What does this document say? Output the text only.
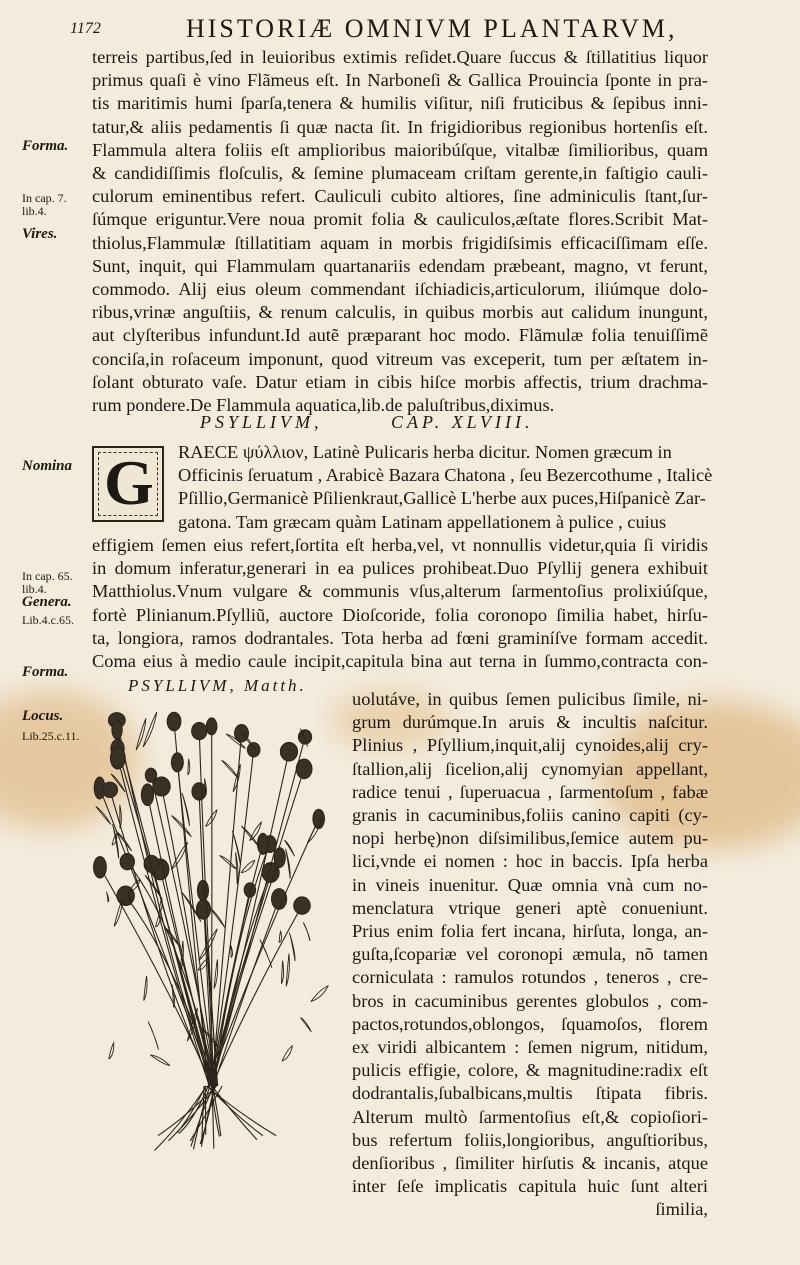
1172	HISTORIÆ OMNIVM PLANTARVM,
terreis partibus,ſed in leuioribus extimis reſidet.Quare ſuccus & ſtillatitius liquor
primus quaſi è vino Flãmeus eſt. In Narboneſi & Gallica Prouincia ſponte in pra-
tis maritimis humi ſparſa,tenera & humilis viſitur, niſi fruticibus & ſepibus inni-
tatur,& aliis pedamentis ſi quæ nacta ſit. In frigidioribus regionibus hortenſis eſt.
Flammula altera foliis eſt amplioribus maioribúſque, vitalbæ ſimilioribus, quam
& candidiſſimis floſculis, & ſemine plumaceam criſtam gerente,in faſtigio cauli-
culorum eminentibus refert. Cauliculi cubito altiores, ſine adminiculis ſtant,ſur-
ſúmque eriguntur.Vere noua promit folia & cauliculos,æſtate flores.Scribit Mat-
thiolus,Flammulæ ſtillatitiam aquam in morbis frigidiſsimis efficaciſſimam eſſe.
Sunt, inquit, qui Flammulam quartanariis edendam præbeant, magno, vt ferunt,
commodo. Alij eius oleum commendant iſchiadicis,articulorum, iliúmque dolo-
ribus,vrinæ anguſtiis, & renum calculis, in quibus morbis aut calidum inungunt,
aut clyſteribus infundunt.Id autẽ præparant hoc modo. Flãmulæ folia tenuiſſimẽ
conciſa,in roſaceum imponunt, quod vitreum vas exceperit, tum per æſtatem in-
ſolant obturato vaſe. Datur etiam in cibis hiſce morbis affectis, trium drachma-
rum pondere.De Flammula aquatica,lib.de paluſtribus,diximus.
Forma.
In cap. 7. lib.4.
Vires.
Nomina
In cap. 65. lib.4.
Genera.
Lib.4.c.65.
Forma.
Locus.
Lib.25.c.11.
PSYLLIVM,	CAP. XLVIII.
G RAECE ψύλλιον, Latinè Pulicaris herba dicitur. Nomen græcum in
Officinis ſeruatum , Arabicè Bazara Chatona , ſeu Bezercothume , Italicè
Pſillio,Germanicè Pſilienkraut,Gallicè L'herbe aux puces,Hiſpanicè Zar-
gatona. Tam græcam quàm Latinam appellationem à pulice , cuius
effigiem ſemen eius refert,ſortita eſt herba,vel, vt nonnullis videtur,quia ſi viridis
in domum inferatur,generari in ea pulices prohibeat.Duo Pſyllij genera exhibuit
Matthiolus.Vnum vulgare & communis vſus,alterum ſarmentoſius prolixiúſque,
fortè Plinianum.Pſylliũ, auctore Dioſcoride, folia coronopo ſimilia habet, hirſu-
ta, longiora, ramos dodrantales. Tota herba ad fœni graminíſve formam accedit.
Coma eius à medio caule incipit,capitula bina aut terna in ſummo,contracta con-
PSYLLIVM, Matth.
uolutáve, in quibus ſemen pulicibus ſimile, ni-
grum durúmque.In aruis & incultis naſcitur.
Plinius , Pſyllium,inquit,alij cynoides,alij cry-
ſtallion,alij ſicelion,alij cynomyian appellant,
radice tenui , ſuperuacua , ſarmentoſum , fabæ
granis in cacuminibus,foliis canino capiti (cy-
nopi herbę)non diſsimilibus,ſemice autem pu-
lici,vnde ei nomen : hoc in baccis. Ipſa herba
in vineis inuenitur. Quæ omnia vnà cum no-
menclatura vtrique generi aptè conueniunt.
Prius enim folia fert incana, hirſuta, longa, an-
guſta,ſcopariæ vel coronopi æmula, nõ tamen
corniculata : ramulos rotundos , teneros , cre-
bros in cacuminibus gerentes globulos , com-
pactos,rotundos,oblongos, ſquamoſos, florem
ex viridi albicantem : ſemen nigrum, nitidum,
pulicis effigie, colore, & magnitudine:radix eſt
dodrantalis,ſubalbicans,multis ſtipata fibris.
Alterum multò ſarmentoſius eſt,& copioſiori-
bus refertum foliis,longioribus, anguſtioribus,
denſioribus , ſimiliter hirſutis & incanis, atque
inter ſeſe implicatis capitula huic ſunt alteri
ſimilia,
